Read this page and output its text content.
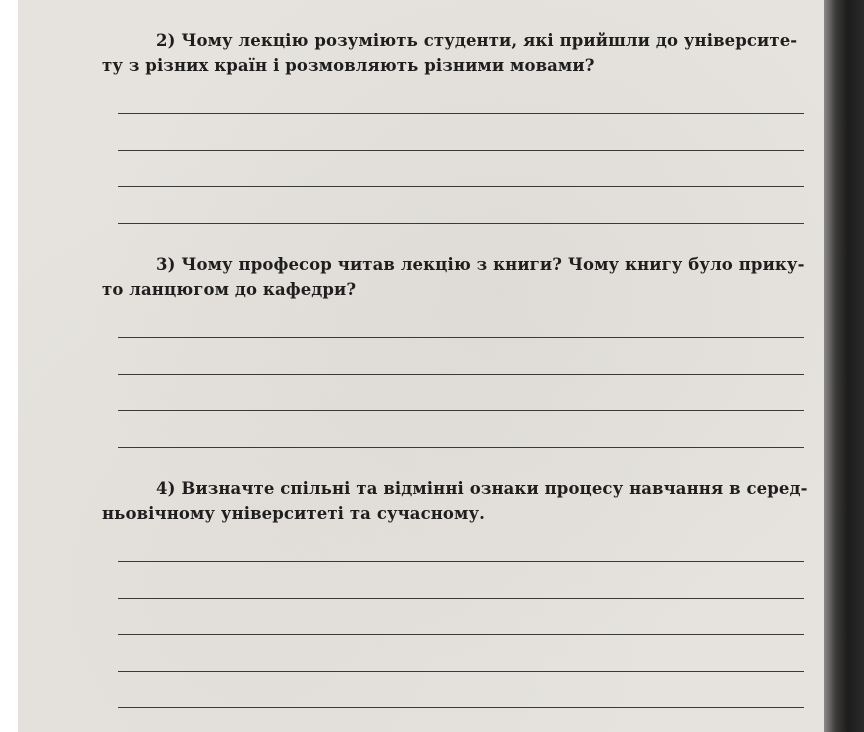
2) Чому лекцію розуміють студенти, які прийшли до університе-
ту з різних країн і розмовляють різними мовами?
3) Чому професор читав лекцію з книги? Чому книгу було прику-
то ланцюгом до кафедри?
4) Визначте спільні та відмінні ознаки процесу навчання в серед-
ньовічному університеті та сучасному.
